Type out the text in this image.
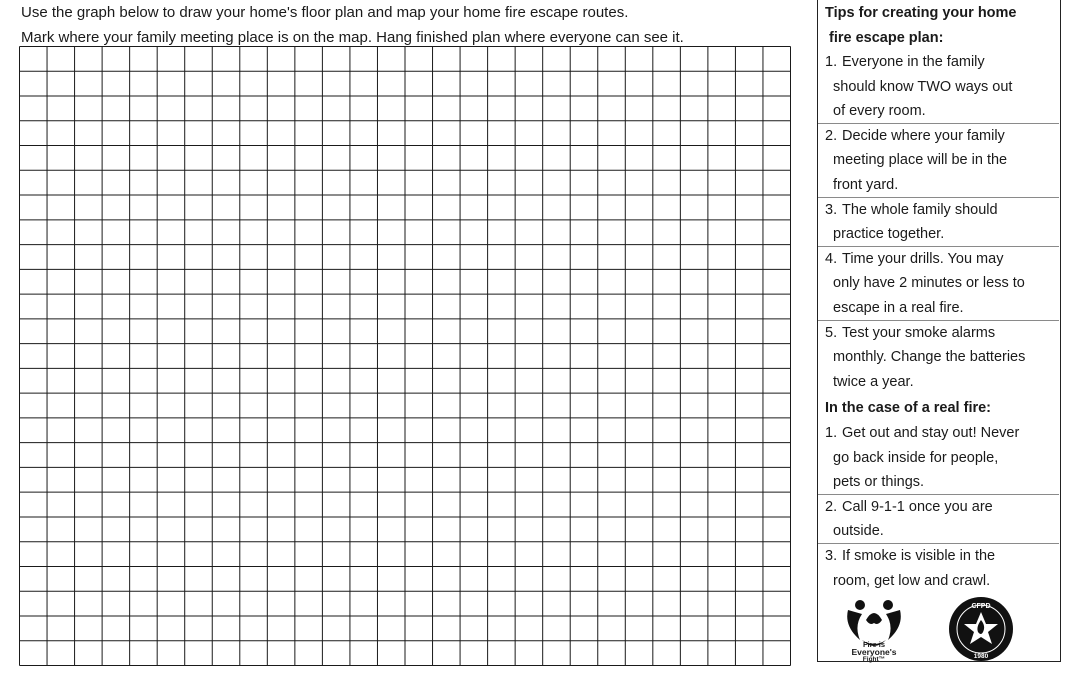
Use the graph below to draw your home's floor plan and map your home fire escape routes.
Mark where your family meeting place is on the map. Hang finished plan where everyone can see it.
Tips for creating your home
fire escape plan:
1. Everyone in the family
should know TWO ways out
of every room.
2. Decide where your family
meeting place will be in the
front yard.
3. The whole family should
practice together.
4. Time your drills. You may
only have 2 minutes or less to
escape in a real fire.
5. Test your smoke alarms
monthly. Change the batteries
twice a year.
In the case of a real fire:
1. Get out and stay out! Never
go back inside for people,
pets or things.
2. Call 9-1-1 once you are
outside.
3. If smoke is visible in the
room, get low and crawl.
Fire is
Everyone's
Fight™
CFPD
1980
